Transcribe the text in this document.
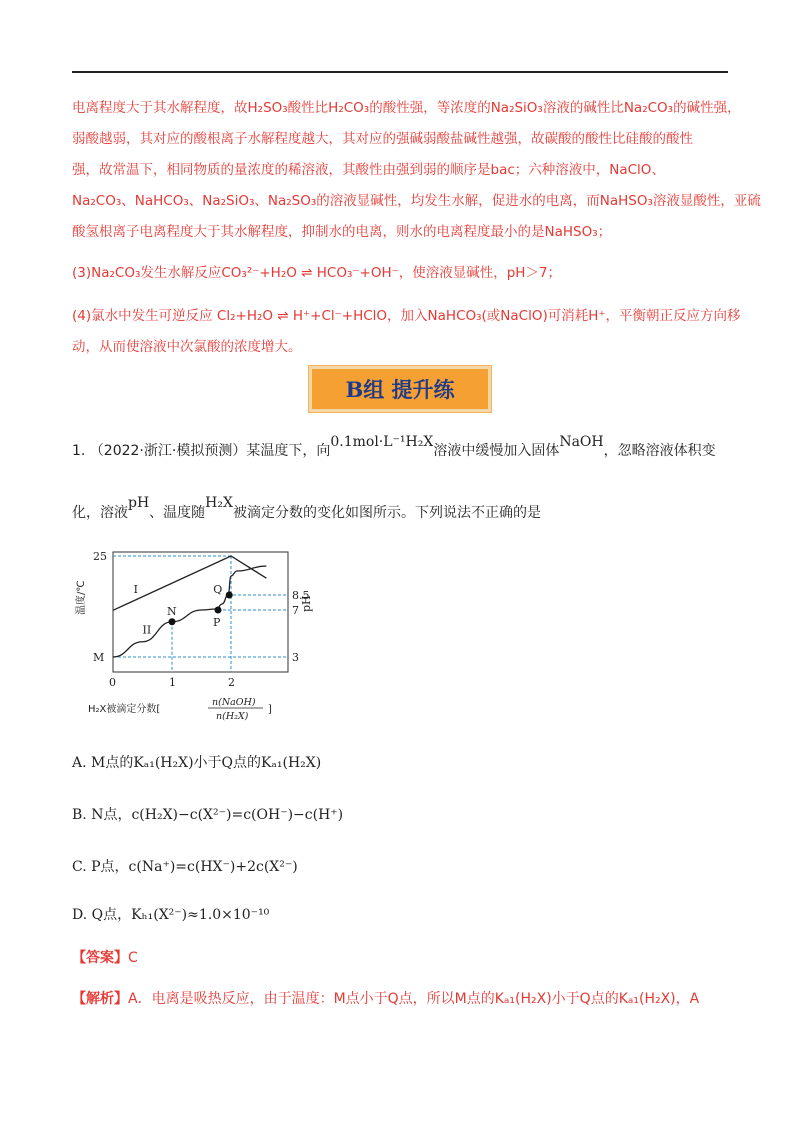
电离程度大于其水解程度，故H₂SO₃酸性比H₂CO₃的酸性强，等浓度的Na₂SiO₃溶液的碱性比Na₂CO₃的碱性强，
弱酸越弱，其对应的酸根离子水解程度越大，其对应的强碱弱酸盐碱性越强，故碳酸的酸性比硅酸的酸性
强，故常温下，相同物质的量浓度的稀溶液，其酸性由强到弱的顺序是bac；六种溶液中，NaClO、
Na₂CO₃、NaHCO₃、Na₂SiO₃、Na₂SO₃的溶液显碱性，均发生水解，促进水的电离，而NaHSO₃溶液显酸性，亚硫
酸氢根离子电离程度大于其水解程度，抑制水的电离，则水的电离程度最小的是NaHSO₃；
(3)Na₂CO₃发生水解反应CO₃²⁻+H₂O ⇌ HCO₃⁻+OH⁻，使溶液显碱性，pH＞7；
(4)氯水中发生可逆反应 Cl₂+H₂O ⇌ H⁺+Cl⁻+HClO，加入NaHCO₃(或NaClO)可消耗H⁺，平衡朝正反应方向移
动，从而使溶液中次氯酸的浓度增大。
B组 提升练
1. （2022·浙江·模拟预测）某温度下，向0.1mol·L⁻¹H₂X溶液中缓慢加入固体NaOH，忽略溶液体积变
化，溶液pH、温度随H₂X被滴定分数的变化如图所示。下列说法不正确的是
M
N
P
Q
I
II
25
8.5
7
3
0	1	2
温度/℃	pH
H₂X被滴定分数[
n(NaOH)
n(H₂X)
]
A. M点的Kₐ₁(H₂X)小于Q点的Kₐ₁(H₂X)
B. N点，c(H₂X)−c(X²⁻)=c(OH⁻)−c(H⁺)
C. P点，c(Na⁺)=c(HX⁻)+2c(X²⁻)
D. Q点，Kₕ₁(X²⁻)≈1.0×10⁻¹⁰
【答案】C
【解析】A．电离是吸热反应，由于温度：M点小于Q点，所以M点的Kₐ₁(H₂X)小于Q点的Kₐ₁(H₂X)，A
